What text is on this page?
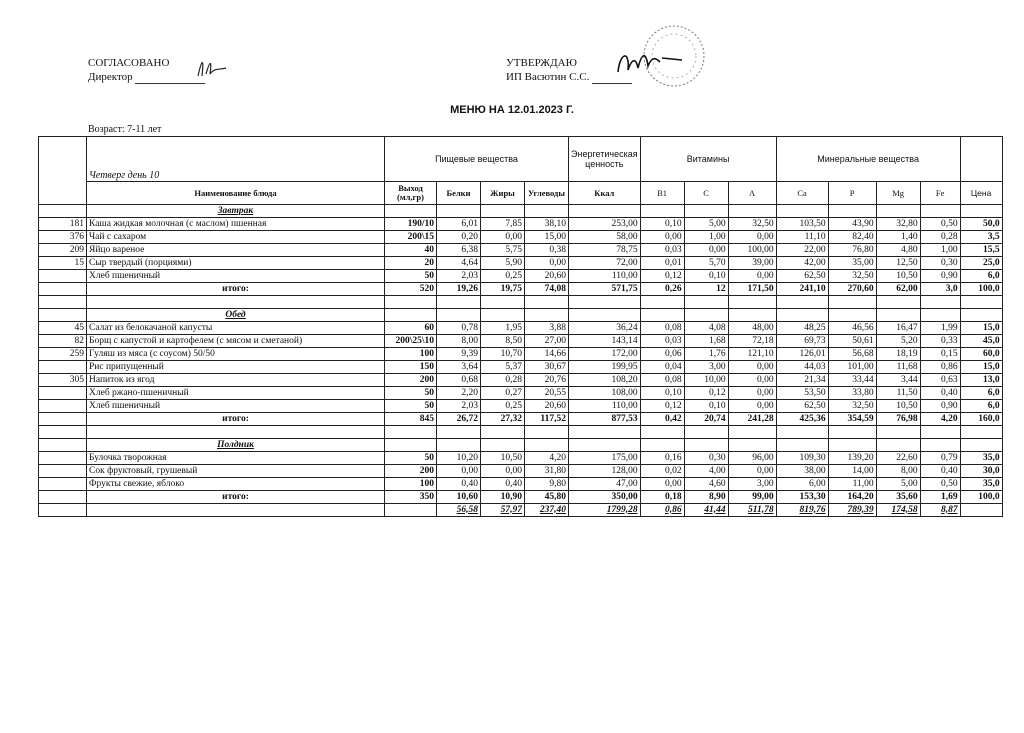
СОГЛАСОВАНО
Директор
УТВЕРЖДАЮ
ИП Васютин С.С.
МЕНЮ НА 12.01.2023 Г.
Возраст: 7-11 лет
	Четверг день 10	Пищевые вещества				Энергетическая ценность	Витамины			Минеральные вещества				
	Наименование блюда	Выход (мл,гр)	Белки	Жиры	Углеводы	Ккал	B1	C	A	Ca	P	Mg	Fe	Цена
	Завтрак													
181	Каша жидкая молочная (с маслом) пшенная	190/10	6,01	7,85	38,10	253,00	0,10	5,00	32,50	103,50	43,90	32,80	0,50	50,0
376	Чай с сахаром	200\15	0,20	0,00	15,00	58,00	0,00	1,00	0,00	11,10	82,40	1,40	0,28	3,5
209	Яйцо вареное	40	6,38	5,75	0,38	78,75	0,03	0,00	100,00	22,00	76,80	4,80	1,00	15,5
15	Сыр твердый (порциями)	20	4,64	5,90	0,00	72,00	0,01	5,70	39,00	42,00	35,00	12,50	0,30	25,0
	Хлеб пшеничный	50	2,03	0,25	20,60	110,00	0,12	0,10	0,00	62,50	32,50	10,50	0,90	6,0
	итого:	520	19,26	19,75	74,08	571,75	0,26	12	171,50	241,10	270,60	62,00	3,0	100,0

	Обед													
45	Салат из белокачаной капусты	60	0,78	1,95	3,88	36,24	0,08	4,08	48,00	48,25	46,56	16,47	1,99	15,0
82	Борщ с капустой и картофелем (с мясом и сметаной)	200\25\10	8,00	8,50	27,00	143,14	0,03	1,68	72,18	69,73	50,61	5,20	0,33	45,0
259	Гуляш из мяса (с соусом) 50/50	100	9,39	10,70	14,66	172,00	0,06	1,76	121,10	126,01	56,68	18,19	0,15	60,0
	Рис припущенный	150	3,64	5,37	30,67	199,95	0,04	3,00	0,00	44,03	101,00	11,68	0,86	15,0
305	Напиток из ягод	200	0,68	0,28	20,76	108,20	0,08	10,00	0,00	21,34	33,44	3,44	0,63	13,0
	Хлеб ржано-пшеничный	50	2,20	0,27	20,55	108,00	0,10	0,12	0,00	53,50	33,80	11,50	0,40	6,0
	Хлеб пшеничный	50	2,03	0,25	20,60	110,00	0,12	0,10	0,00	62,50	32,50	10,50	0,90	6,0
	итого:	845	26,72	27,32	117,52	877,53	0,42	20,74	241,28	425,36	354,59	76,98	4,20	160,0

	Полдник													
	Булочка творожная	50	10,20	10,50	4,20	175,00	0,16	0,30	96,00	109,30	139,20	22,60	0,79	35,0
	Сок фруктовый, грушевый	200	0,00	0,00	31,80	128,00	0,02	4,00	0,00	38,00	14,00	8,00	0,40	30,0
	Фрукты свежие, яблоко	100	0,40	0,40	9,80	47,00	0,00	4,60	3,00	6,00	11,00	5,00	0,50	35,0
	итого:	350	10,60	10,90	45,80	350,00	0,18	8,90	99,00	153,30	164,20	35,60	1,69	100,0
			56,58	57,97	237,40	1799,28	0,86	41,44	511,78	819,76	789,39	174,58	8,87	
